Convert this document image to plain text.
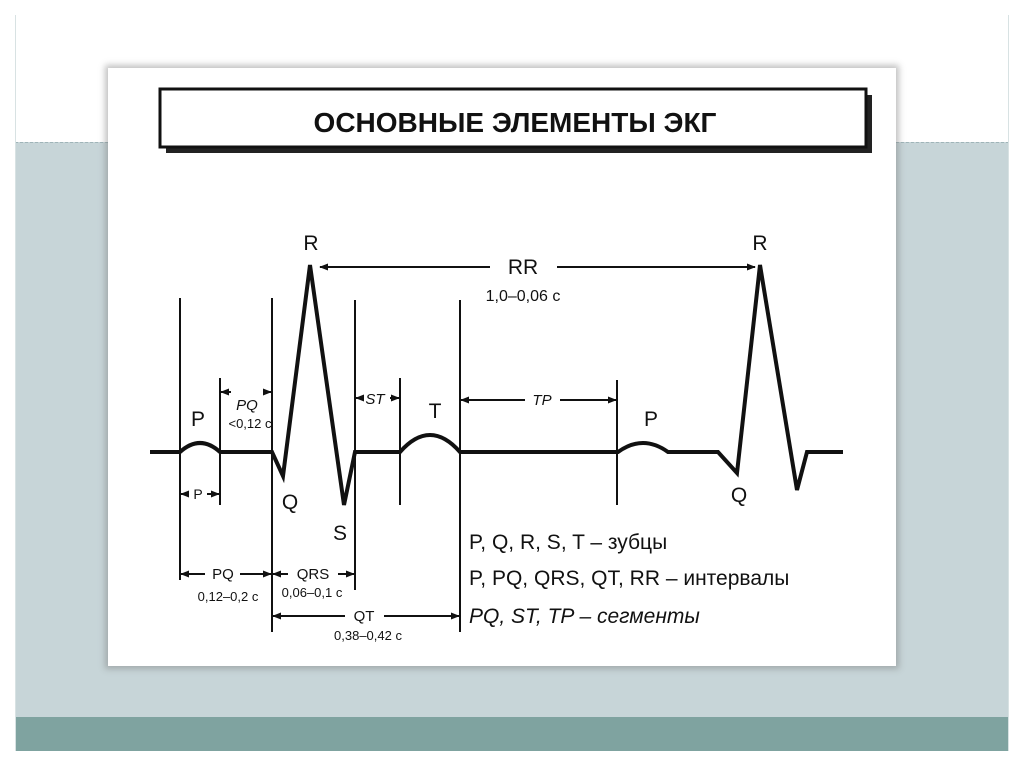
ОСНОВНЫЕ ЭЛЕМЕНТЫ ЭКГ
R	R
P	T	P
Q	Q
S
RR
1,0–0,06 с
PQ
<0,12 с
ST	TP
P
PQ
0,12–0,2 с
QRS
0,06–0,1 с
QT
0,38–0,42 с
P, Q, R, S, T – зубцы
P, PQ, QRS, QT, RR – интервалы
PQ, ST, TP – сегменты
